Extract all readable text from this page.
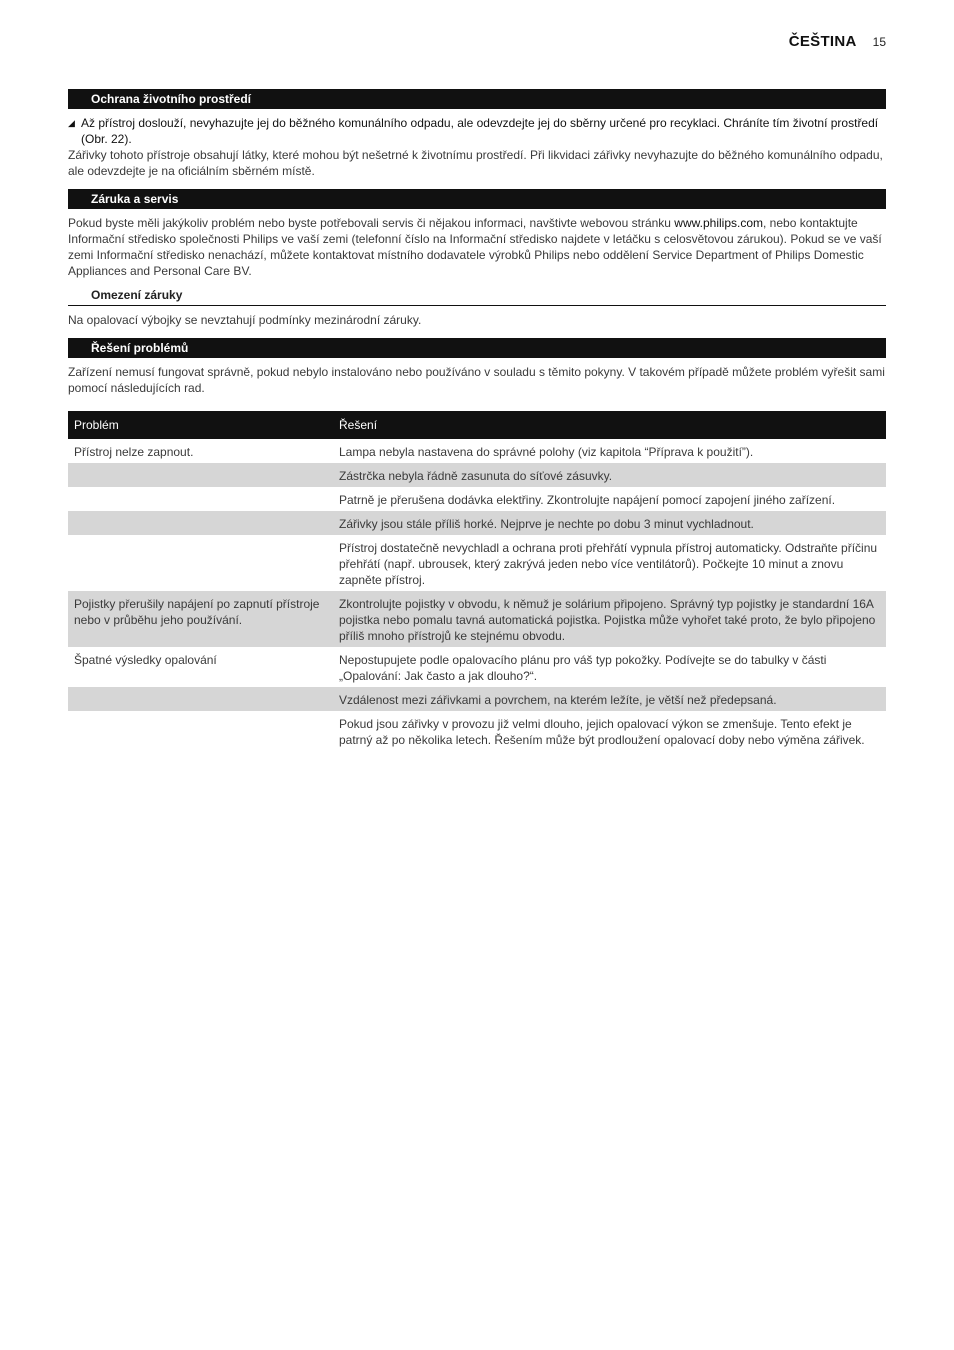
ČEŠTINA 15
Ochrana životního prostředí
◢ Až přístroj doslouží, nevyhazujte jej do běžného komunálního odpadu, ale odevzdejte jej do sběrny určené pro recyklaci. Chráníte tím životní prostředí (Obr. 22).

Zářivky tohoto přístroje obsahují látky, které mohou být nešetrné k životnímu prostředí. Při likvidaci zářivky nevyhazujte do běžného komunálního odpadu, ale odevzdejte je na oficiálním sběrném místě.

Záruka a servis

Pokud byste měli jakýkoliv problém nebo byste potřebovali servis či nějakou informaci, navštivte webovou stránku www.philips.com, nebo kontaktujte Informační středisko společnosti Philips ve vaší zemi (telefonní číslo na Informační středisko najdete v letáčku s celosvětovou zárukou). Pokud se ve vaší zemi Informační středisko nenachází, můžete kontaktovat místního dodavatele výrobků Philips nebo oddělení Service Department of Philips Domestic Appliances and Personal Care BV.

Omezení záruky

Na opalovací výbojky se nevztahují podmínky mezinárodní záruky.

Řešení problémů

Zařízení nemusí fungovat správně, pokud nebylo instalováno nebo používáno v souladu s těmito pokyny. V takovém případě můžete problém vyřešit sami pomocí následujících rad.

Problém	Řešení
Přístroj nelze zapnout.	Lampa nebyla nastavena do správné polohy (viz kapitola “Příprava k použití”).
	Zástrčka nebyla řádně zasunuta do síťové zásuvky.
	Patrně je přerušena dodávka elektřiny. Zkontrolujte napájení pomocí zapojení jiného zařízení.
	Zářivky jsou stále příliš horké. Nejprve je nechte po dobu 3 minut vychladnout.
	Přístroj dostatečně nevychladl a ochrana proti přehřátí vypnula přístroj automaticky. Odstraňte příčinu přehřátí (např. ubrousek, který zakrývá jeden nebo více ventilátorů). Počkejte 10 minut a znovu zapněte přístroj.
Pojistky přerušily napájení po zapnutí přístroje nebo v průběhu jeho používání.	Zkontrolujte pojistky v obvodu, k němuž je solárium připojeno. Správný typ pojistky je standardní 16A pojistka nebo pomalu tavná automatická pojistka. Pojistka může vyhořet také proto, že bylo připojeno příliš mnoho přístrojů ke stejnému obvodu.
Špatné výsledky opalování	Nepostupujete podle opalovacího plánu pro váš typ pokožky. Podívejte se do tabulky v části „Opalování: Jak často a jak dlouho?“.
	Vzdálenost mezi zářivkami a povrchem, na kterém ležíte, je větší než předepsaná.
	Pokud jsou zářivky v provozu již velmi dlouho, jejich opalovací výkon se zmenšuje. Tento efekt je patrný až po několika letech. Řešením může být prodloužení opalovací doby nebo výměna zářivek.
